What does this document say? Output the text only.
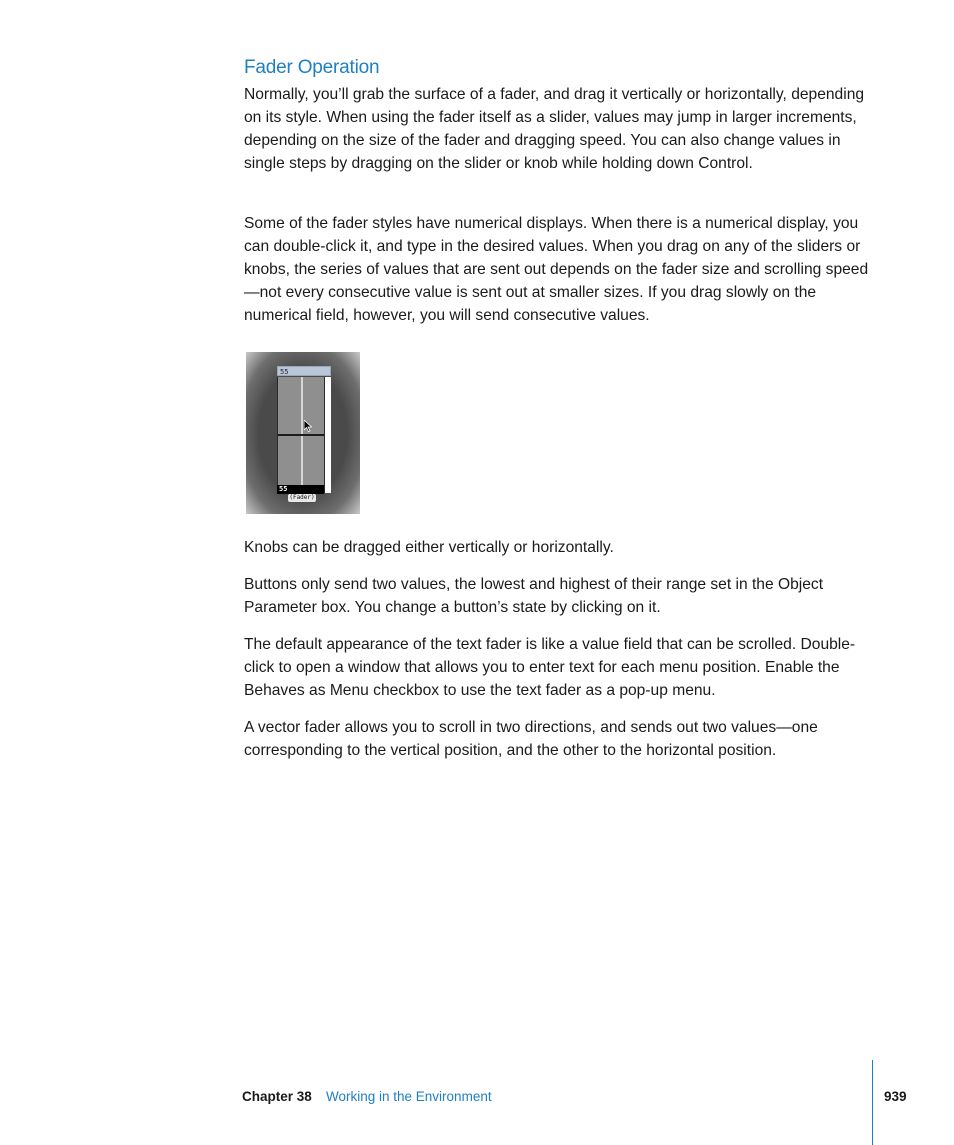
Fader Operation

Normally, you’ll grab the surface of a fader, and drag it vertically or horizontally, depending on its style. When using the fader itself as a slider, values may jump in larger increments, depending on the size of the fader and dragging speed. You can also change values in single steps by dragging on the slider or knob while holding down Control.

Some of the fader styles have numerical displays. When there is a numerical display, you can double-click it, and type in the desired values. When you drag on any of the sliders or knobs, the series of values that are sent out depends on the fader size and scrolling speed—not every consecutive value is sent out at smaller sizes. If you drag slowly on the numerical field, however, you will send consecutive values.

55
55
(Fader)

Knobs can be dragged either vertically or horizontally.

Buttons only send two values, the lowest and highest of their range set in the Object Parameter box. You change a button’s state by clicking on it.

The default appearance of the text fader is like a value field that can be scrolled. Double-click to open a window that allows you to enter text for each menu position. Enable the Behaves as Menu checkbox to use the text fader as a pop-up menu.

A vector fader allows you to scroll in two directions, and sends out two values—one corresponding to the vertical position, and the other to the horizontal position.

Chapter 38 Working in the Environment	939
